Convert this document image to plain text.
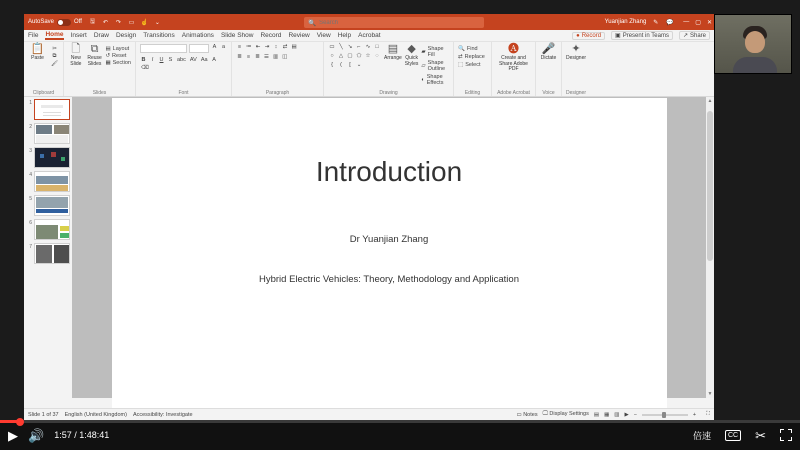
AutoSave	Off	🖫	↶	↷	▭ ☝	⌄	🔍
Search	Yuanjian Zhang	✎	💬 — ▢ ✕
File Home Insert Draw Design Transitions Animations Slide Show Record Review View Help Acrobat	● Record ▣ Present in Teams ↗ Share
📋
Paste
✂
⧉
🖌
Clipboard
🗋
New Slide
⧉
Reuse Slides
▤ Layout
↺ Reset
▦ Section
Slides
A	a
B	I	U S abc AV Aa A
⌫
Font
≡ ≔ ⇤ ⇥ ↕ ⇄ ▤
≣ ≡ ≣ ☰ ▥ ◫
Paragraph
▭ ╲ ↘ ⌐ ∿ □
○ △ ▢ ⬠ ☆ ◌
{	(	[	⌄
▤
Arrange
◆
Quick Styles
▰ Shape Fill
▱ Shape Outline
◐ Shape Effects
Drawing
🔍 Find
⇄ Replace
⬚ Select
Editing
🅐
Create and Share Adobe PDF
Adobe Acrobat
🎤
Dictate
Voice
✦
Designer
Designer
1
2
3
4
5
6
7
Introduction
Dr Yuanjian Zhang
Hybrid Electric Vehicles: Theory, Methodology and Application
▲
▼
Slide 1 of 37 English (United Kingdom) Accessibility: Investigate	▭ Notes 🖵 Display Settings ▤ ▦ ▥ ▶ −	+ ⛶
▶ 🔊 1:57 / 1:48:41	倍速	CC ✂
